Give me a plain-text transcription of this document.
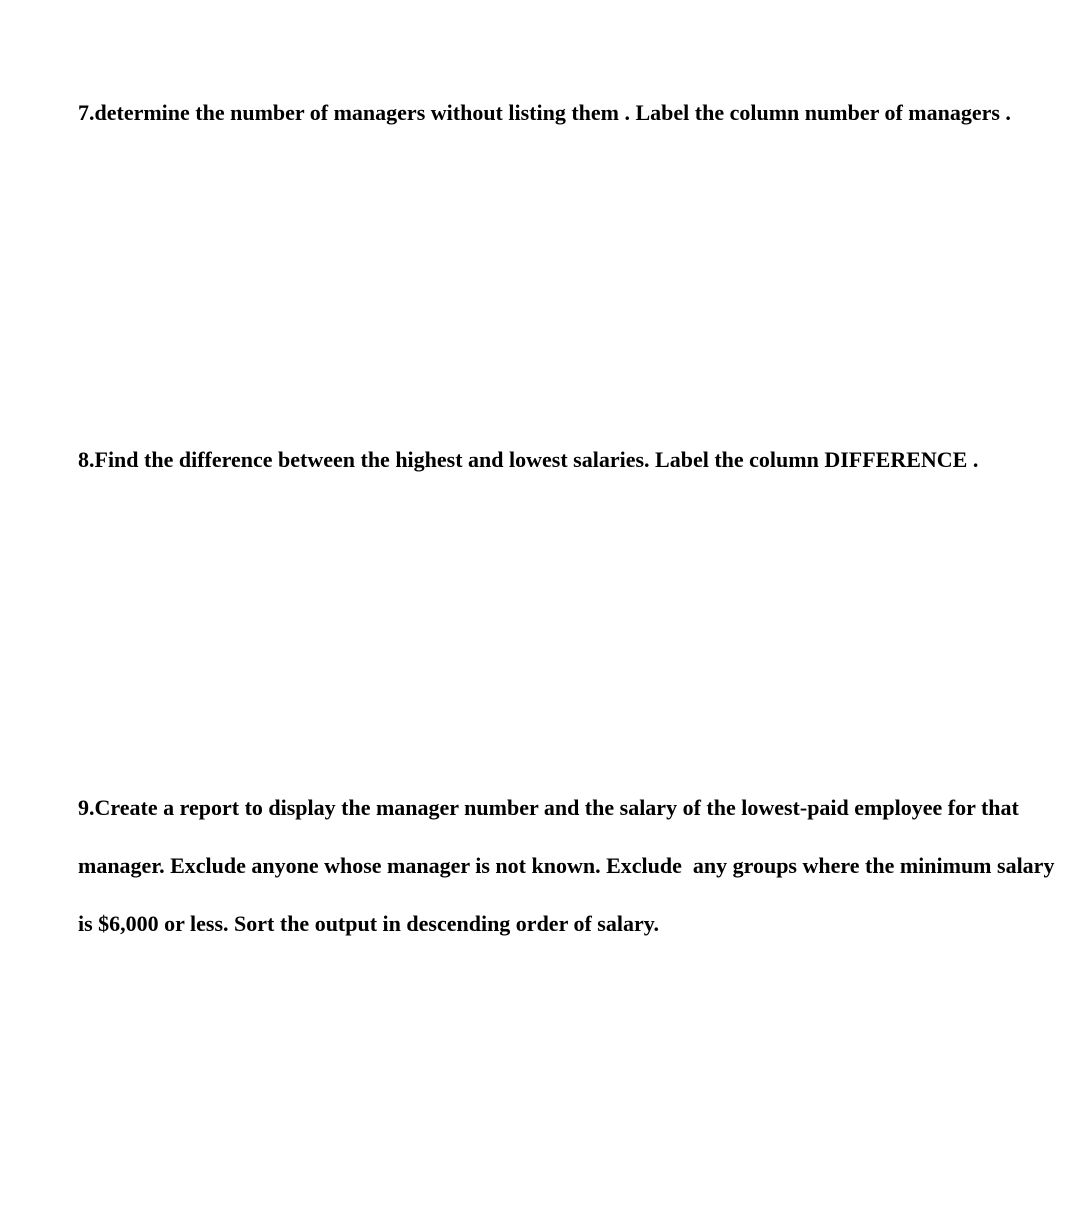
7.determine the number of managers without listing them . Label the column number of managers .

8.Find the difference between the highest and lowest salaries. Label the column DIFFERENCE .

9.Create a report to display the manager number and the salary of the lowest-paid employee for that manager. Exclude anyone whose manager is not known. Exclude  any groups where the minimum salary is $6,000 or less. Sort the output in descending order of salary.
